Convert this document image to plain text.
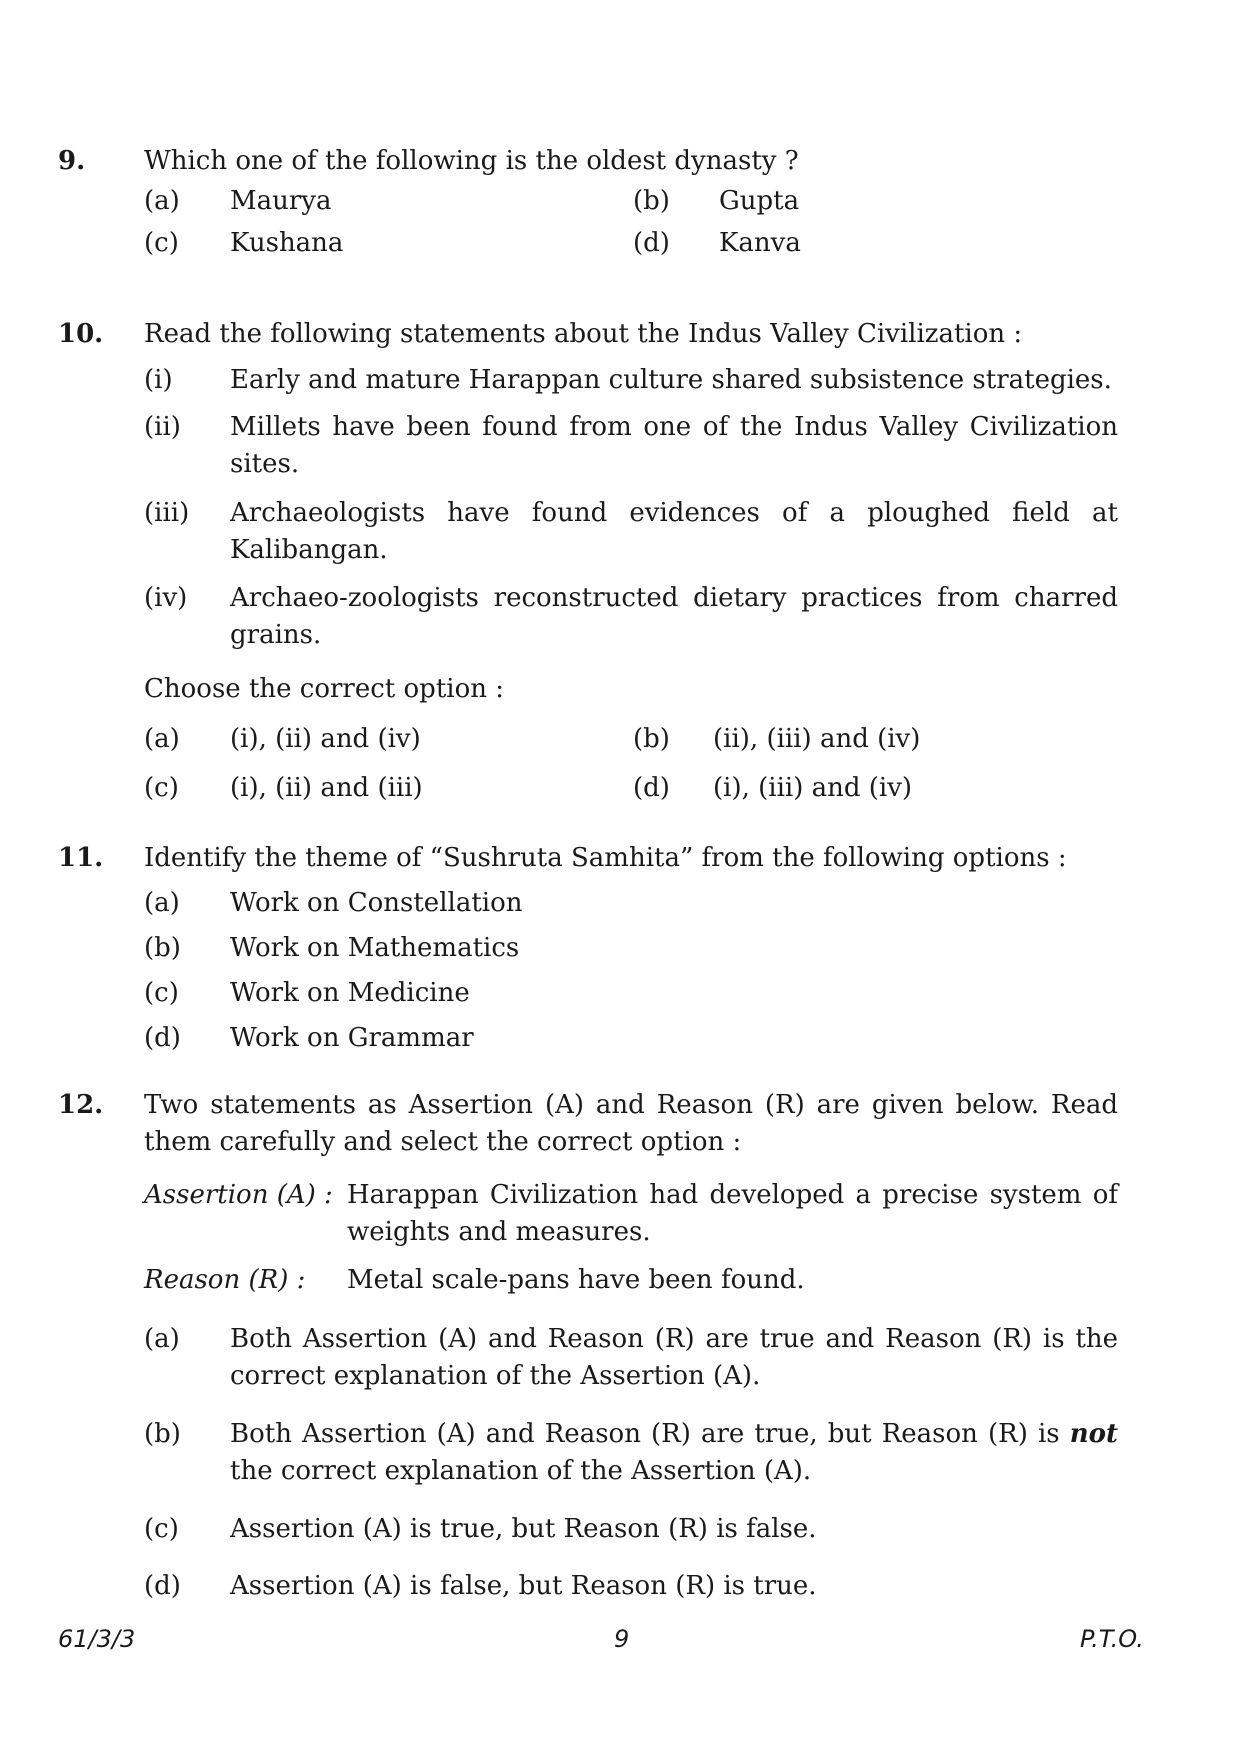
9. Which one of the following is the oldest dynasty ?
(a) Maurya	(b) Gupta
(c) Kushana	(d) Kanva
10. Read the following statements about the Indus Valley Civilization :
(i) Early and mature Harappan culture shared subsistence strategies.
(ii) Millets have been found from one of the Indus Valley Civilization sites.
(iii) Archaeologists have found evidences of a ploughed field at Kalibangan.
(iv) Archaeo-zoologists reconstructed dietary practices from charred grains.
Choose the correct option :
(a) (i), (ii) and (iv)	(b) (ii), (iii) and (iv)
(c) (i), (ii) and (iii)	(d) (i), (iii) and (iv)
11. Identify the theme of “Sushruta Samhita” from the following options :
(a) Work on Constellation
(b) Work on Mathematics
(c) Work on Medicine
(d) Work on Grammar
12. Two statements as Assertion (A) and Reason (R) are given below. Read them carefully and select the correct option :
Assertion (A) : Harappan Civilization had developed a precise system of weights and measures.
Reason (R) : Metal scale-pans have been found.
(a) Both Assertion (A) and Reason (R) are true and Reason (R) is the correct explanation of the Assertion (A).
(b) Both Assertion (A) and Reason (R) are true, but Reason (R) is not the correct explanation of the Assertion (A).
(c) Assertion (A) is true, but Reason (R) is false.
(d) Assertion (A) is false, but Reason (R) is true.
61/3/3	9	P.T.O.
